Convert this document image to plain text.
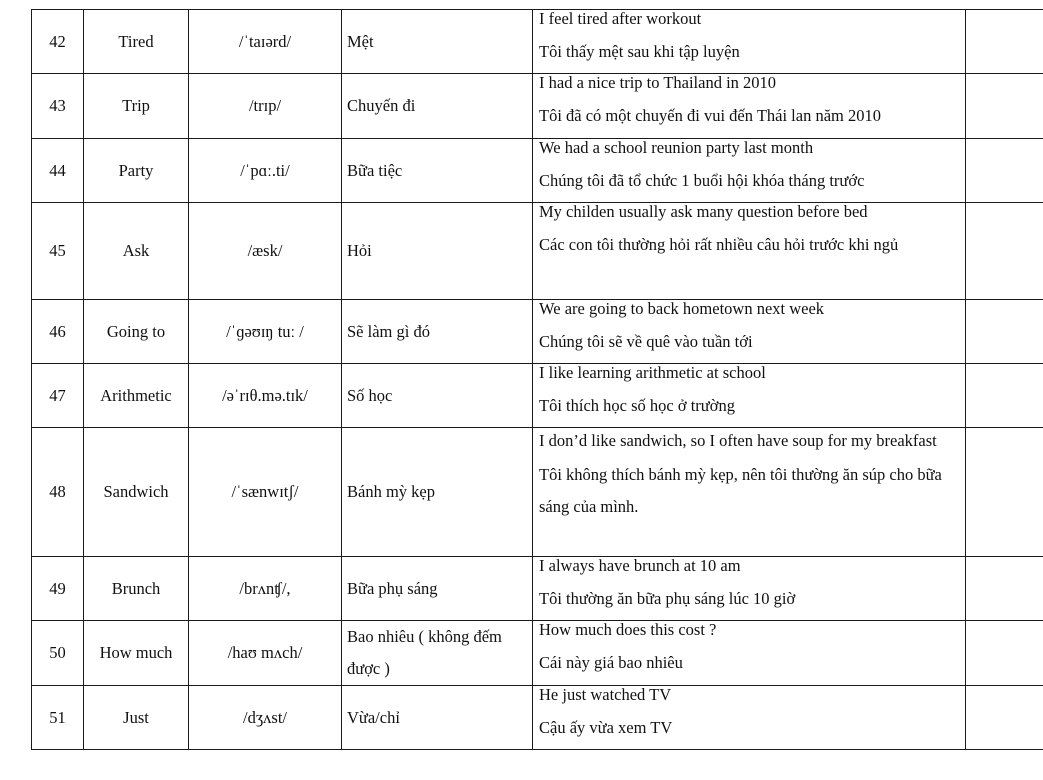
42	Tired	/ˈtaɪərd/	Mệt	I feel tired after workout
Tôi thấy mệt sau khi tập luyện	

43	Trip	/trɪp/	Chuyến đi	I had a nice trip to Thailand in 2010
Tôi đã có một chuyến đi vui đến Thái lan năm 2010	

44	Party	/ˈpɑː.ti/	Bữa tiệc	We had a school reunion party last month
Chúng tôi đã tổ chức 1 buổi hội khóa tháng trước	

45	Ask	/æsk/	Hỏi	My childen usually ask many question before bed
Các con tôi thường hỏi rất nhiều câu hỏi trước khi ngủ	

46	Going to	/ˈɡəʊɪŋ tuː /	Sẽ làm gì đó	We are going to back hometown next week
Chúng tôi sẽ về quê vào tuần tới	

47	Arithmetic	/əˈrɪθ.mə.tɪk/	Số học	I like learning arithmetic at school
Tôi thích học số học ở trường	

48	Sandwich	/ˈsænwɪtʃ/	Bánh mỳ kẹp	I don’d like sandwich, so I often have soup for my breakfast
Tôi không thích bánh mỳ kẹp, nên tôi thường ăn súp cho bữa sáng của mình.	

49	Brunch	/brʌnʧ/,	Bữa phụ sáng	I always have brunch at 10 am
Tôi thường ăn bữa phụ sáng lúc 10 giờ	

50	How much	/haʊ mʌch/	Bao nhiêu ( không đếm được )	How much does this cost ?
Cái này giá bao nhiêu	

51	Just	/dʒʌst/	Vừa/chỉ	He just watched TV
Cậu ấy vừa xem TV	
